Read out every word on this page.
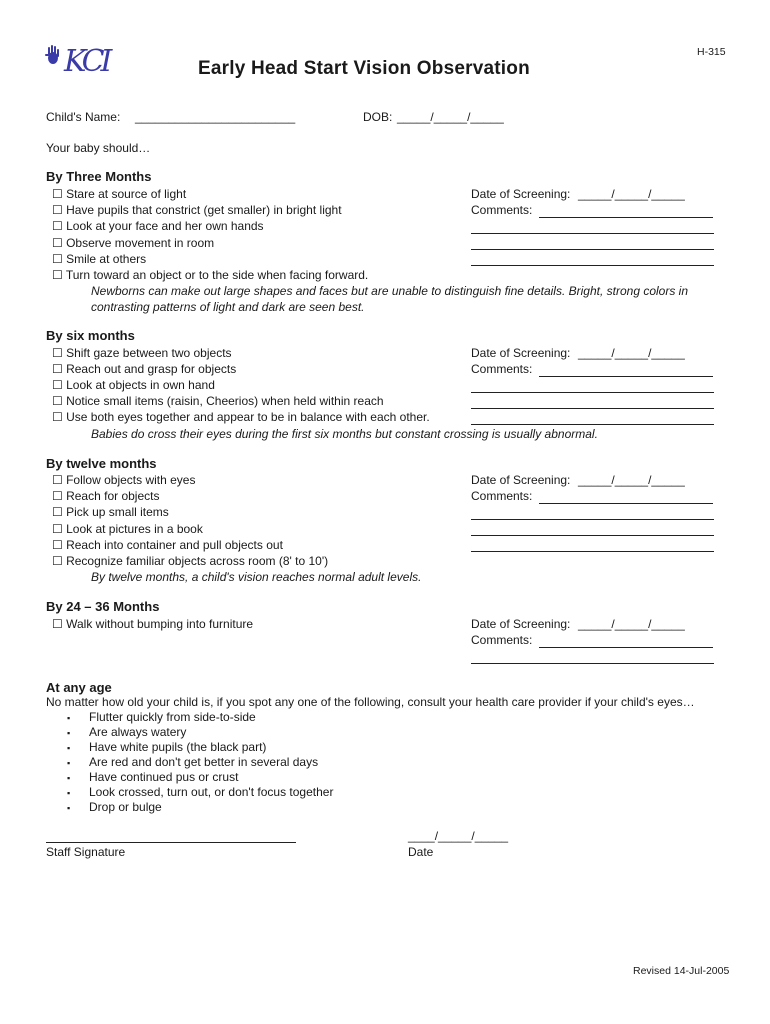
KCI	H-315
Early Head Start Vision Observation
Child's Name: ________________________	DOB: _____/_____/_____
Your baby should…
By Three Months
☐ Stare at source of light
☐ Have pupils that constrict (get smaller) in bright light
☐ Look at your face and her own hands
☐ Observe movement in room
☐ Smile at others
☐ Turn toward an object or to the side when facing forward.
Newborns can make out large shapes and faces but are unable to distinguish fine details. Bright, strong colors in
contrasting patterns of light and dark are seen best.
Date of Screening: _____/_____/_____
Comments:
By six months
☐ Shift gaze between two objects
☐ Reach out and grasp for objects
☐ Look at objects in own hand
☐ Notice small items (raisin, Cheerios) when held within reach
☐ Use both eyes together and appear to be in balance with each other.
Babies do cross their eyes during the first six months but constant crossing is usually abnormal.
Date of Screening: _____/_____/_____
Comments:
By twelve months
☐ Follow objects with eyes
☐ Reach for objects
☐ Pick up small items
☐ Look at pictures in a book
☐ Reach into container and pull objects out
☐ Recognize familiar objects across room (8' to 10')
By twelve months, a child's vision reaches normal adult levels.
Date of Screening: _____/_____/_____
Comments:
By 24 – 36 Months
☐ Walk without bumping into furniture	Date of Screening: _____/_____/_____
Comments:
At any age
No matter how old your child is, if you spot any one of the following, consult your health care provider if your child's eyes…
▪ Flutter quickly from side-to-side
▪ Are always watery
▪ Have white pupils (the black part)
▪ Are red and don't get better in several days
▪ Have continued pus or crust
▪ Look crossed, turn out, or don't focus together
▪ Drop or bulge
____/_____/_____
Staff Signature	Date
Revised 14-Jul-2005
